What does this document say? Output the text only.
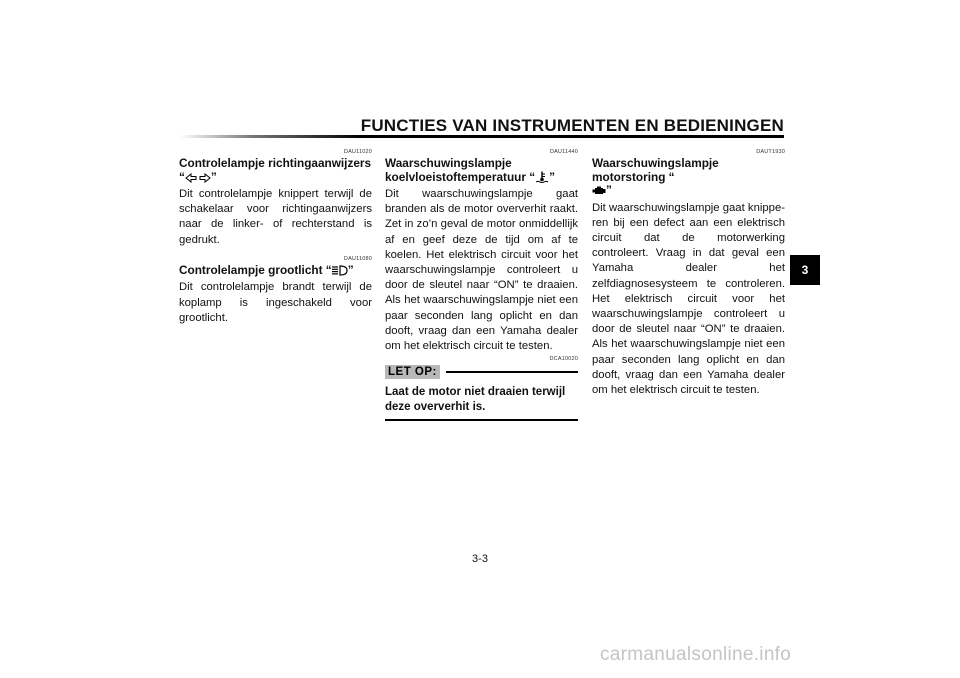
FUNCTIES VAN INSTRUMENTEN EN BEDIENINGEN
DAU11020
Controlelampje richtingaanwijzers “ ”

Dit controlelampje knippert terwijl de schakelaar voor richtingaanwijzers naar de linker- of rechterstand is gedrukt.

DAU11080
Controlelampje grootlicht “ ”

Dit controlelampje brandt terwijl de koplamp is ingeschakeld voor grootlicht.

DAU11440
Waarschuwingslampje koelvloeistoftemperatuur “ ”

Dit waarschuwingslampje gaat branden als de motor oververhit raakt. Zet in zo’n geval de motor onmiddellijk af en geef deze de tijd om af te koelen. Het elektrisch circuit voor het waarschuwingslampje controleert u door de sleutel naar “ON” te draaien. Als het waarschuwingslampje niet een paar seconden lang oplicht en dan dooft, vraag dan een Yamaha dealer om het elektrisch circuit te testen.

DCA10020
LET OP:
Laat de motor niet draaien terwijl deze oververhit is.
DAUT1930
Waarschuwingslampje motorstoring “
”

Dit waarschuwingslampje gaat knipperen bij een defect aan een elektrisch circuit dat de motorwerking controleert. Vraag in dat geval een Yamaha dealer het zelfdiagnosesysteem te controleren. Het elektrisch circuit voor het waarschuwingslampje controleert u door de sleutel naar “ON” te draaien. Als het waarschuwingslampje niet een paar seconden lang oplicht en dan dooft, vraag dan een Yamaha dealer om het elektrisch circuit te testen.

3
3-3
carmanualsonline.info
